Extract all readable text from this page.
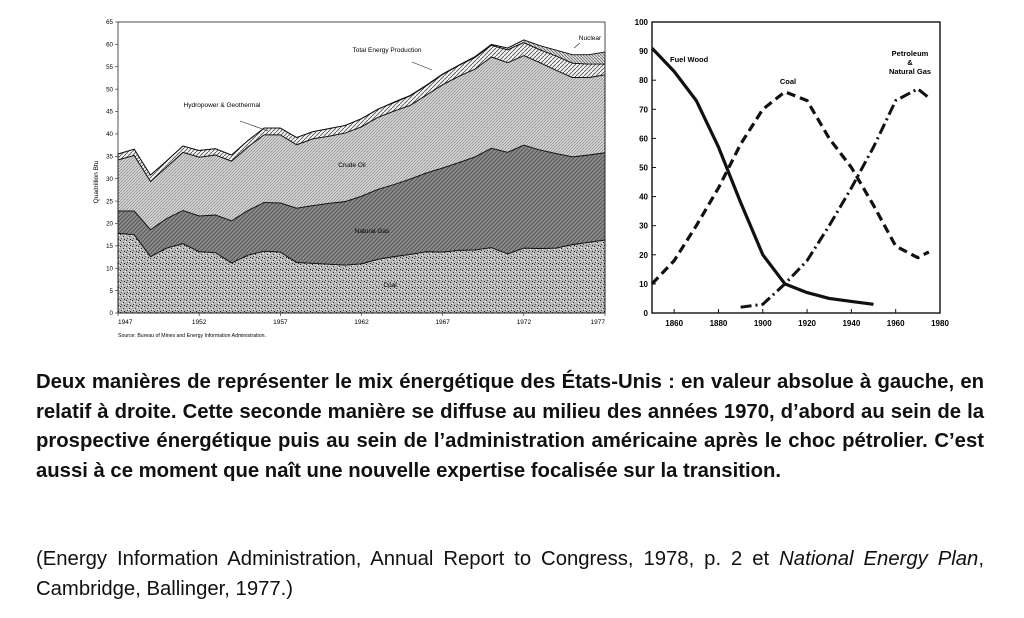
0
5
10
15
20
25
30
35
40
45
50
55
60
65
1947	1952	1957	1962	1967	1972	1977
Total Energy Production
Hydropower & Geothermal
Crude Oil
Natural Gas
Coal
Nuclear
Quadrillion Btu
Source: Bureau of Mines and Energy Information Administration.
0
10
20
30
40
50
60
70
80
90
100
1860	1880	1900	1920	1940	1960	1980
Fuel Wood
Coal
Petroleum & Natural Gas

Deux manières de représenter le mix énergétique des États-Unis : en valeur absolue à gauche, en relatif à droite. Cette seconde manière se diffuse au milieu des années 1970, d’abord au sein de la prospective énergétique puis au sein de l’administration américaine après le choc pétrolier. C’est aussi à ce moment que naît une nouvelle expertise focalisée sur la transition.

(Energy Information Administration, Annual Report to Congress, 1978, p. 2 et National Energy Plan, Cambridge, Ballinger, 1977.)
